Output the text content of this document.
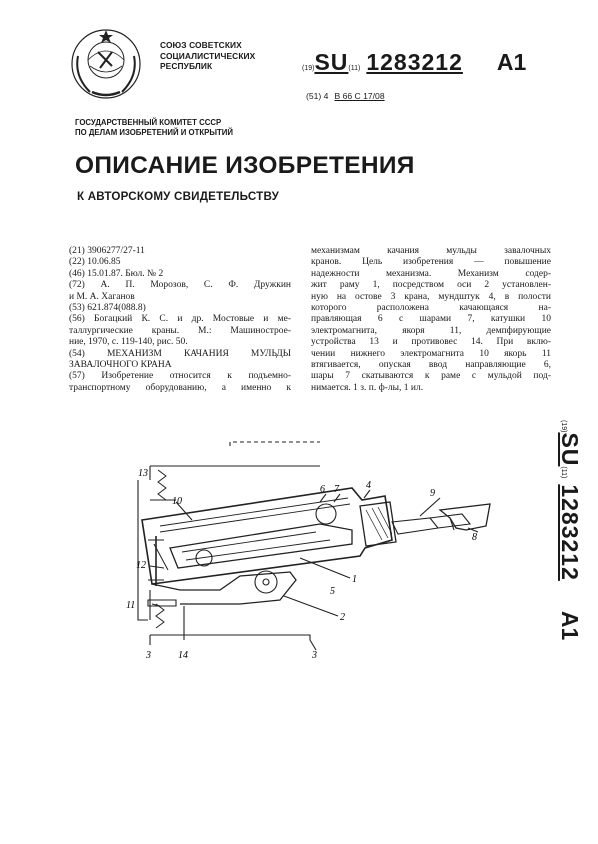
СОЮЗ СОВЕТСКИХ
СОЦИАЛИСТИЧЕСКИХ
РЕСПУБЛИК	(19)SU(11) 1283212 A1
(51) 4 B 66 C 17/08
ГОСУДАРСТВЕННЫЙ КОМИТЕТ СССР
ПО ДЕЛАМ ИЗОБРЕТЕНИЙ И ОТКРЫТИЙ
ОПИСАНИЕ ИЗОБРЕТЕНИЯ
К АВТОРСКОМУ СВИДЕТЕЛЬСТВУ
(21) 3906277/27-11
(22) 10.06.85
(46) 15.01.87. Бюл. № 2
(72) А. П. Морозов, С. Ф. Дружкин
и М. А. Хаганов
(53) 621.874(088.8)
(56) Богацкий К. С. и др. Мостовые и ме-
таллургические краны. М.: Машинострое-
ние, 1970, с. 119-140, рис. 50.
(54) МЕХАНИЗМ КАЧАНИЯ МУЛЬДЫ
ЗАВАЛОЧНОГО КРАНА
(57) Изобретение относится к подъемно-
транспортному оборудованию, а именно к
механизмам качания мульды завалочных
кранов. Цель изобретения — повышение
надежности механизма. Механизм содер-
жит раму 1, посредством оси 2 установлен-
ную на остове 3 крана, мундштук 4, в полости
которого расположена качающаяся на-
правляющая 6 с шарами 7, катушки 10
электромагнита, якоря 11, демпфирующие
устройства 13 и противовес 14. При вклю-
чении нижнего электромагнита 10 якорь 11
втягивается, опуская ввод направляющие 6,
шары 7 скатываются к раме с мульдой под-
нимается. 1 з. п. ф-лы, 1 ил.
(19)SU(11)1283212A1
13
10
6 7	4
9
8
12
1
5
2
11
3	14	3
